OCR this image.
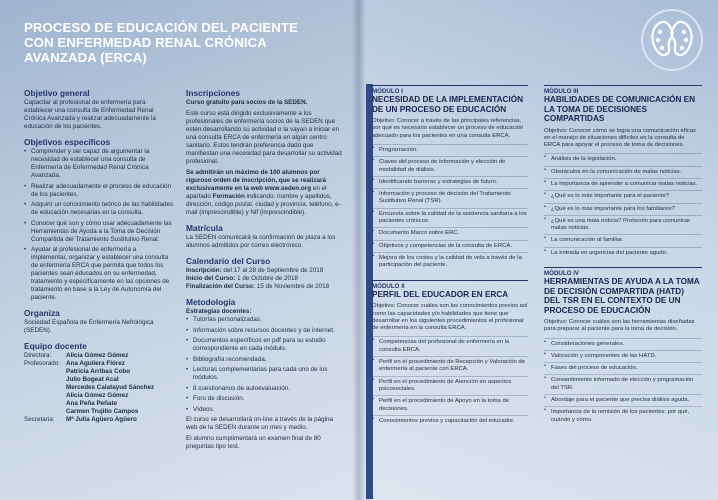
PROCESO DE EDUCACIÓN DEL PACIENTE CON ENFERMEDAD RENAL CRÓNICA AVANZADA (ERCA)
Objetivo general
Capacitar al profesional de enfermería para establecer una consulta de Enfermedad Renal Crónica Avanzada y realizar adecuadamente la educación de los pacientes.
Objetivos específicos
• Comprender y ser capaz de argumentar la necesidad de establecer una consulta de Enfermería de Enfermedad Renal Crónica Avanzada.
• Realizar adecuadamente el proceso de educación de los pacientes.
• Adquirir un conocimiento teórico de las habilidades de educación necesarias en la consulta.
• Conocer qué son y cómo usar adecuadamente las Herramientas de Ayuda a la Toma de Decisión Compartida del Tratamiento Sustitutivo Renal.
• Ayudar al profesional de enfermería a implementar, organizar y establecer una consulta de enfermería ERCA que permita que todos los pacientes sean educados en su enfermedad, tratamiento y específicamente en las opciones de tratamiento en base a la Ley de Autonomía del paciente.
Organiza
Sociedad Española de Enfermería Nefrológica (SEDEN).
Equipo docente
Directora:	Alicia Gómez Gómez
Profesorado: Ana Aguilera Flórez
Patricia Arribas Cobo
Julio Bogeat Acal
Mercedes Calatayud Sánchez
Alicia Gómez Gómez
Ana Peña Peñate
Carmen Trujillo Campos
Secretaria:	Mª Julia Agüero Agüero
Inscripciones
Curso gratuito para socios de la SEDEN.
Este curso está dirigido exclusivamente a los profesionales de enfermería socios de la SEDEN que estén desarrollando su actividad o la vayan a iniciar en una consulta ERCA de enfermería en algún centro sanitario. Estos tendrán preferencia dado que manifiestan una necesidad para desarrollar su actividad profesional.
Se admitirán un máximo de 100 alumnos por riguroso orden de inscripción, que se realizará exclusivamente en la web www.seden.org en el apartado Formación indicando: nombre y apellidos, dirección, código postal, ciudad y provincia, teléfono, e-mail (imprescindible) y Nif (imprescindible).
Matrícula
La SEDEN comunicará la confirmación de plaza a los alumnos admitidos por correo electrónico.
Calendario del Curso
Inscripción: del 17 al 28 de Septiembre de 2018
Inicio del Curso: 1 de Octubre de 2018
Finalización del Curso: 15 de Noviembre de 2018
Metodología
Estrategias docentes:
• Tutorías personalizadas.
• Información sobre recursos docentes y de internet.
• Documentos específicos en pdf para su estudio correspondiente en cada módulo.
• Bibliografía recomendada.
• Lecturas complementarias para cada uno de los módulos.
• 8 cuestionarios de autoevaluación.
• Foro de discusión.
• Vídeos.
El curso se desarrollará on-line a través de la página web de la SEDEN durante un mes y medio.
El alumno cumplimentará un examen final de 80 preguntas tipo test.
MÓDULO I
NECESIDAD DE LA IMPLEMENTACIÓN DE UN PROCESO DE EDUCACIÓN
Objetivo: Conocer a través de las principales referencias, por qué es necesario establecer un proceso de educación adecuado para los pacientes en una consulta ERCA.
• Prograrnación.
• Claves del proceso de información y elección de modalidad de diálisis.
• Identificando barreras y estrategias de futuro.
• Información y proceso de decisión del Tratamiento Sustitutivo Renal (TSR).
• Encuesta sobre la calidad de la asistencia sanitaria a los pacientes crónicos.
• Documento Marco sobre ERC.
• Objetivos y competencias de la consulta de ERCA.
• Mejora de los costes y la calidad de vida a través de la participación del paciente.
MÓDULO II
PERFIL DEL EDUCADOR EN ERCA
Objetivo: Conocer cuáles son los conocimientos previos así como las capacidades y/o habilidades que tiene que desarrollar en los siguientes procedimientos el profesional de enfermería en la consulta ERCA.
• Competencias del profesional de enfermería en la consulta ERCA.
• Perfil en el procedimiento de Recepción y Valoración de enfermería al paciente con ERCA.
• Perfil en el procedimiento de Atención en aspectos psicosociales.
• Perfil en el procedimiento de Apoyo en la toma de decisiones.
• Conocimientos previos y capacitación del educador.
MÓDULO III
HABILIDADES DE COMUNICACIÓN EN LA TOMA DE DECISIONES COMPARTIDAS
Objetivo: Conocer cómo se logra una comunicación eficaz en el manejo de situaciones difíciles en la consulta de ERCA para apoyar el proceso de toma de decisiones.
• Análisis de la legislación.
• Obstáculos en la comunicación de malas noticias.
• La importancia de aprender a comunicar malas noticias.
• ¿Qué es lo más importante para el paciente?
• ¿Qué es lo más importante para los familiares?
• ¿Qué es una mala noticia? Protocolo para comunicar malas noticias.
• La comunicación al familiar.
• La entrada en urgencias del paciente agudo.
MÓDULO IV
HERRAMIENTAS DE AYUDA A LA TOMA DE DECISIÓN COMPARTIDA (HATD) DEL TSR EN EL CONTEXTO DE UN PROCESO DE EDUCACIÓN
Objetivo: Conocer cuáles son las herramientas diseñadas para preparar al paciente para la toma de decisión.
• Consideraciones generales.
• Valoración y componentes de las HATD.
• Fases del proceso de educación.
• Consentimiento informado de elección y programación del TSR.
• Abordaje para el paciente que precisa diálisis aguda.
• Importancia de la remisión de los pacientes: por qué, cuándo y cómo.
